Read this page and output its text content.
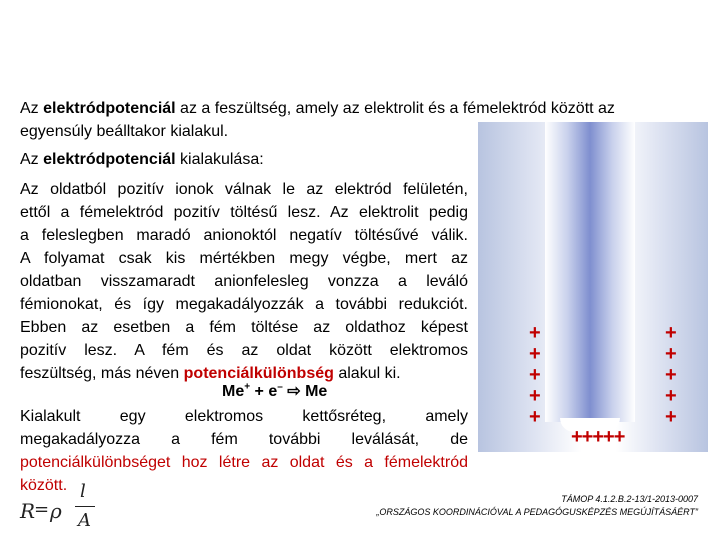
Az elektródpotenciál az a feszültség, amely az elektrolit és a fémelektród között az
egyensúly beálltakor kialakul.
Az elektródpotenciál kialakulása:
Az oldatból pozitív ionok válnak le az elektród felületén,
ettől a fémelektród pozitív töltésű lesz. Az elektrolit pedig
a feleslegben maradó anionoktól negatív töltésűvé válik.
A folyamat csak kis mértékben megy végbe, mert az
oldatban visszamaradt anionfelesleg vonzza a leváló
fémionokat, és így megakadályozzák a további redukciót.
Ebben az esetben a fém töltése az oldathoz képest
pozitív lesz. A fém és az oldat között elektromos
feszültség, más néven potenciálkülönbség alakul ki.
Me+ + e– ⇨ Me
Kialakult egy elektromos kettősréteg, amely
megakadályozza a fém további leválását, de
potenciálkülönbséget hoz létre az oldat és a fémelektród
között.
+
+
+
+
+
+
+
+
+
+
+++++
R
= ρ
l
A
TÁMOP 4.1.2.B.2-13/1-2013-0007
„ORSZÁGOS KOORDINÁCIÓVAL A PEDAGÓGUSKÉPZÉS MEGÚJÍTÁSÁÉRT”
